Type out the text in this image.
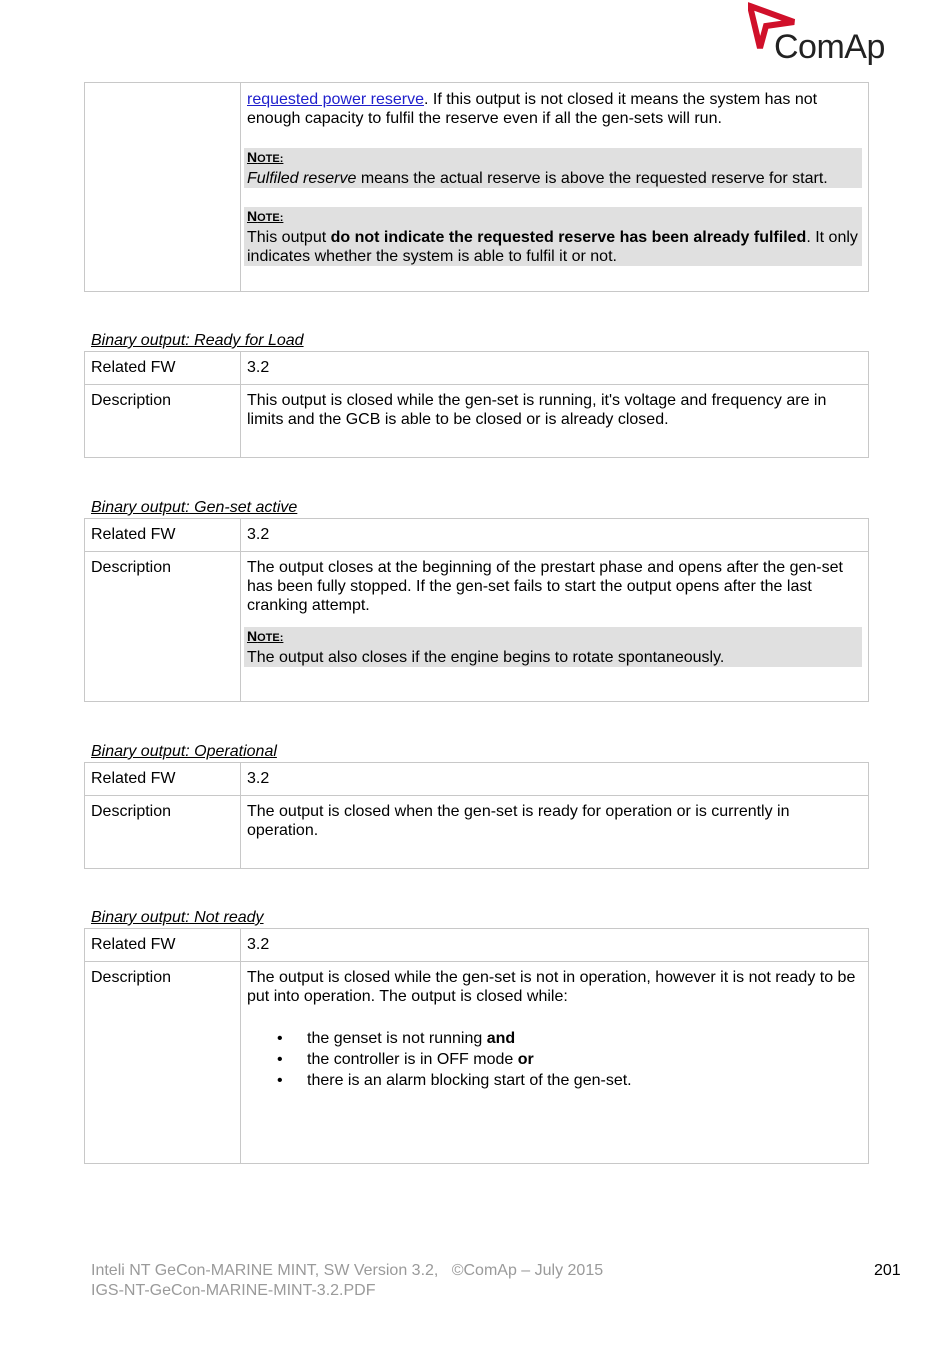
ComAp

requested power reserve. If this output is not closed it means the system has not enough capacity to fulfil the reserve even if all the gen-sets will run.

NOTE:
Fulfiled reserve means the actual reserve is above the requested reserve for start.
NOTE:
This output do not indicate the requested reserve has been already fulfiled. It only indicates whether the system is able to fulfil it or not.
Binary output: Ready for Load
Related FW	3.2
Description	This output is closed while the gen-set is running, it's voltage and frequency are in limits and the GCB is able to be closed or is already closed.
Binary output: Gen-set active
Related FW	3.2
Description	The output closes at the beginning of the prestart phase and opens after the gen-set has been fully stopped. If the gen-set fails to start the output opens after the last cranking attempt.

NOTE:
The output also closes if the engine begins to rotate spontaneously.
Binary output: Operational
Related FW	3.2
Description	The output is closed when the gen-set is ready for operation or is currently in operation.
Binary output: Not ready
Related FW	3.2
Description	The output is closed while the gen-set is not in operation, however it is not ready to be put into operation. The output is closed while:

• the genset is not running and
• the controller is in OFF mode or
• there is an alarm blocking start of the gen-set.
Inteli NT GeCon-MARINE MINT, SW Version 3.2,   ©ComAp – July 2015
IGS-NT-GeCon-MARINE-MINT-3.2.PDF
201
